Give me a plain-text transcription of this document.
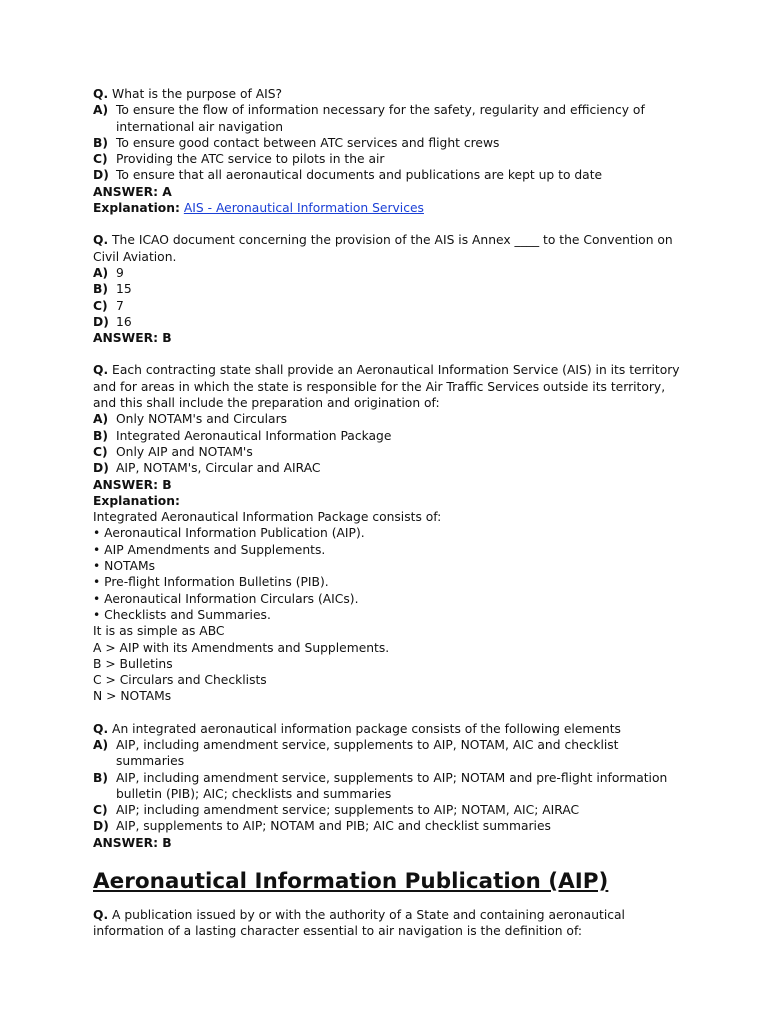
Q. What is the purpose of AIS?
A) To ensure the flow of information necessary for the safety, regularity and efficiency of international air navigation
B) To ensure good contact between ATC services and flight crews
C) Providing the ATC service to pilots in the air
D) To ensure that all aeronautical documents and publications are kept up to date
ANSWER: A
Explanation: AIS - Aeronautical Information Services
Q. The ICAO document concerning the provision of the AIS is Annex ____ to the Convention on Civil Aviation.
A) 9
B) 15
C) 7
D) 16
ANSWER: B
Q. Each contracting state shall provide an Aeronautical Information Service (AIS) in its territory and for areas in which the state is responsible for the Air Traffic Services outside its territory, and this shall include the preparation and origination of:
A) Only NOTAM's and Circulars
B) Integrated Aeronautical Information Package
C) Only AIP and NOTAM's
D) AIP, NOTAM's, Circular and AIRAC
ANSWER: B
Explanation:
Integrated Aeronautical Information Package consists of:
• Aeronautical Information Publication (AIP).
• AIP Amendments and Supplements.
• NOTAMs
• Pre-flight Information Bulletins (PIB).
• Aeronautical Information Circulars (AICs).
• Checklists and Summaries.
It is as simple as ABC
A > AIP with its Amendments and Supplements.
B > Bulletins
C > Circulars and Checklists
N > NOTAMs
Q. An integrated aeronautical information package consists of the following elements
A) AIP, including amendment service, supplements to AIP, NOTAM, AIC and checklist summaries
B) AIP, including amendment service, supplements to AIP; NOTAM and pre-flight information bulletin (PIB); AIC; checklists and summaries
C) AIP; including amendment service; supplements to AIP; NOTAM, AIC; AIRAC
D) AIP, supplements to AIP; NOTAM and PIB; AIC and checklist summaries
ANSWER: B
Aeronautical Information Publication (AIP)
Q. A publication issued by or with the authority of a State and containing aeronautical information of a lasting character essential to air navigation is the definition of:
